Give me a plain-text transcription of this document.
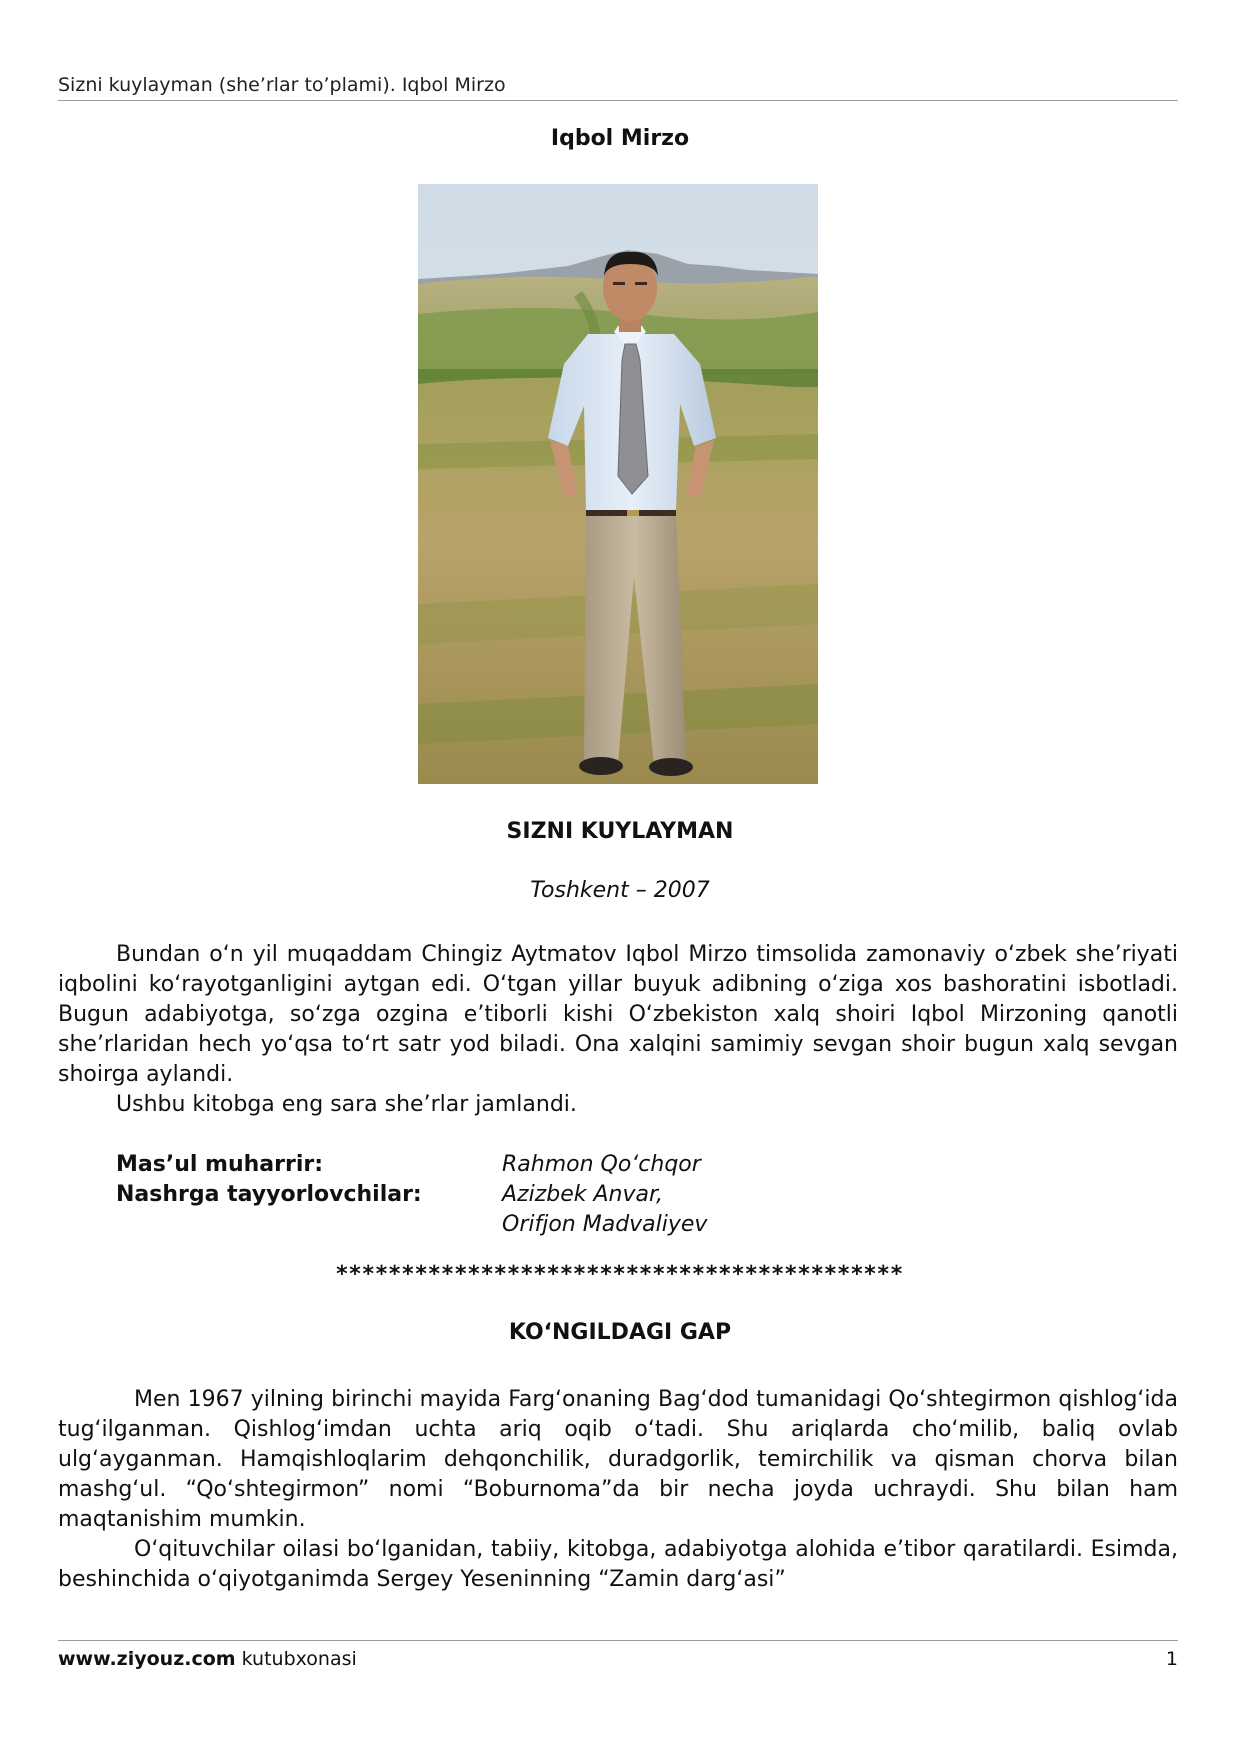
Sizni kuylayman (she’rlar to’plami). Iqbol Mirzo
Iqbol Mirzo
SIZNI KUYLAYMAN
Toshkent – 2007

Bundan o‘n yil muqaddam Chingiz Aytmatov Iqbol Mirzo timsolida zamonaviy o‘zbek she’riyati iqbolini ko‘rayotganligini aytgan edi. O‘tgan yillar buyuk adibning o‘ziga xos bashoratini isbotladi. Bugun adabiyotga, so‘zga ozgina e’tiborli kishi O‘zbekiston xalq shoiri Iqbol Mirzoning qanotli she’rlaridan hech yo‘qsa to‘rt satr yod biladi. Ona xalqini samimiy sevgan shoir bugun xalq sevgan shoirga aylandi.

Ushbu kitobga eng sara she’rlar jamlandi.

Mas’ul muharrir:	Rahmon Qo‘chqor
Nashrga tayyorlovchilar:	Azizbek Anvar,
Orifjon Madvaliyev
*******************************************
KO‘NGILDAGI GAP

Men 1967 yilning birinchi mayida Farg‘onaning Bag‘dod tumanidagi Qo‘shtegirmon qishlog‘ida tug‘ilganman. Qishlog‘imdan uchta ariq oqib o‘tadi. Shu ariqlarda cho‘milib, baliq ovlab ulg‘ayganman. Hamqishloqlarim dehqonchilik, duradgorlik, temirchilik va qisman chorva bilan mashg‘ul. “Qo‘shtegirmon” nomi “Boburnoma”da bir necha joyda uchraydi. Shu bilan ham maqtanishim mumkin.

O‘qituvchilar oilasi bo‘lganidan, tabiiy, kitobga, adabiyotga alohida e’tibor qaratilardi. Esimda, beshinchida o‘qiyotganimda Sergey Yeseninning “Zamin darg‘asi”

www.ziyouz.com kutubxonasi	1
